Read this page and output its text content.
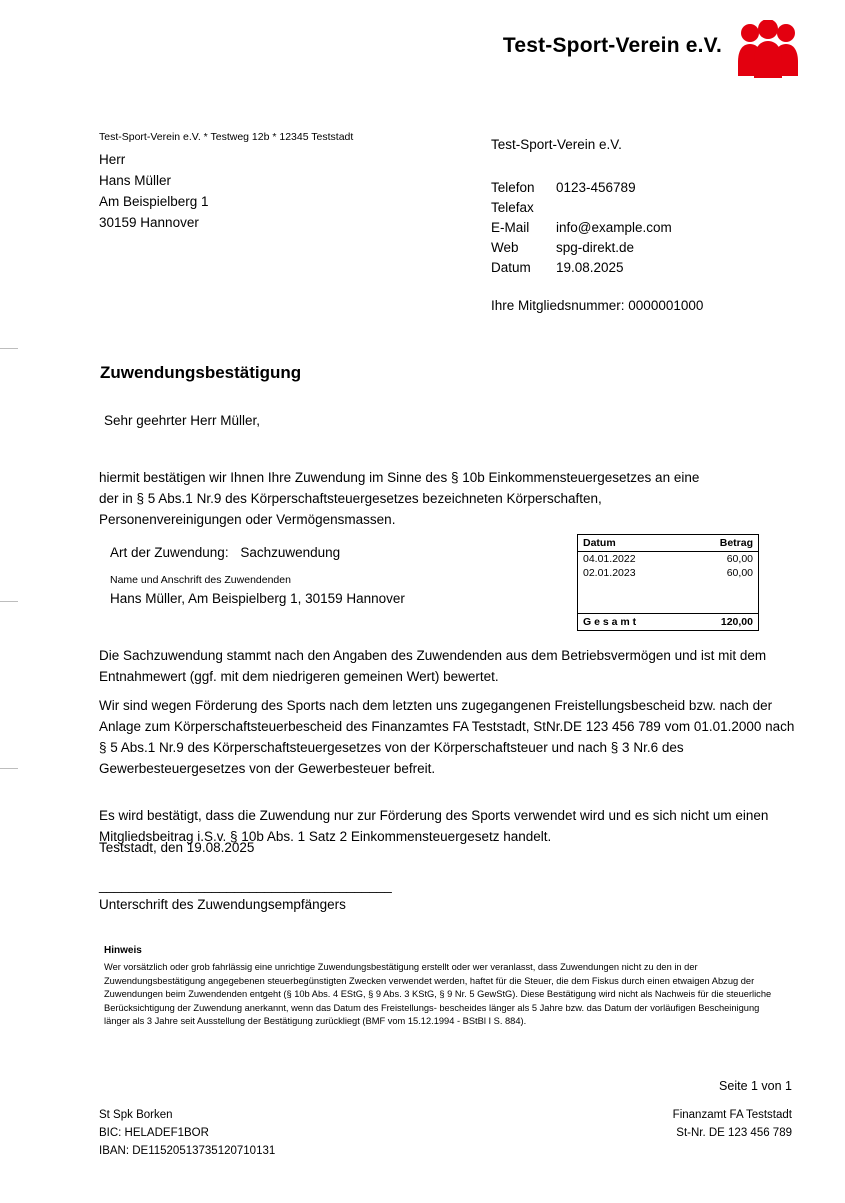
Test-Sport-Verein e.V.
Test-Sport-Verein e.V. * Testweg 12b * 12345 Teststadt
Herr
Hans Müller
Am Beispielberg 1
30159 Hannover
Test-Sport-Verein e.V.
Telefon	0123-456789
Telefax	
E-Mail	info@example.com
Web	spg-direkt.de
Datum	19.08.2025
Ihre Mitgliedsnummer: 0000001000
Zuwendungsbestätigung
Sehr geehrter Herr Müller,
hiermit bestätigen wir Ihnen Ihre Zuwendung im Sinne des § 10b Einkommensteuergesetzes an eine der in § 5 Abs.1 Nr.9 des Körperschaftsteuergesetzes bezeichneten Körperschaften, Personenvereinigungen oder Vermögensmassen.
Art der Zuwendung: Sachzuwendung
Name und Anschrift des Zuwendenden
Hans Müller, Am Beispielberg 1, 30159 Hannover
Datum	Betrag
04.01.2022	60,00
02.01.2023	60,00
G e s a m t	120,00
Die Sachzuwendung stammt nach den Angaben des Zuwendenden aus dem Betriebsvermögen und ist mit dem Entnahmewert (ggf. mit dem niedrigeren gemeinen Wert) bewertet.
Wir sind wegen Förderung des Sports nach dem letzten uns zugegangenen Freistellungsbescheid bzw. nach der Anlage zum Körperschaftsteuerbescheid des Finanzamtes FA Teststadt, StNr.DE 123 456 789 vom 01.01.2000 nach § 5 Abs.1 Nr.9 des Körperschaftsteuergesetzes von der Körperschaftsteuer und nach § 3 Nr.6 des Gewerbesteuergesetzes von der Gewerbesteuer befreit.
Es wird bestätigt, dass die Zuwendung nur zur Förderung des Sports verwendet wird und es sich nicht um einen Mitgliedsbeitrag i.S.v. § 10b Abs. 1 Satz 2 Einkommensteuergesetz handelt.
Teststadt, den 19.08.2025
_______________________________________
Unterschrift des Zuwendungsempfängers
Hinweis
Wer vorsätzlich oder grob fahrlässig eine unrichtige Zuwendungsbestätigung erstellt oder wer veranlasst, dass Zuwendungen nicht zu den in der Zuwendungsbestätigung angegebenen steuerbegünstigten Zwecken verwendet werden, haftet für die Steuer, die dem Fiskus durch einen etwaigen Abzug der Zuwendungen beim Zuwendenden entgeht (§ 10b Abs. 4 EStG, § 9 Abs. 3 KStG, § 9 Nr. 5 GewStG). Diese Bestätigung wird nicht als Nachweis für die steuerliche Berücksichtigung der Zuwendung anerkannt, wenn das Datum des Freistellungs- bescheides länger als 5 Jahre bzw. das Datum der vorläufigen Bescheinigung länger als 3 Jahre seit Ausstellung der Bestätigung zurückliegt (BMF vom 15.12.1994 - BStBl I S. 884).
Seite 1 von 1
St Spk Borken
BIC: HELADEF1BOR
IBAN: DE11520513735120710131
Finanzamt FA Teststadt
St-Nr. DE 123 456 789
